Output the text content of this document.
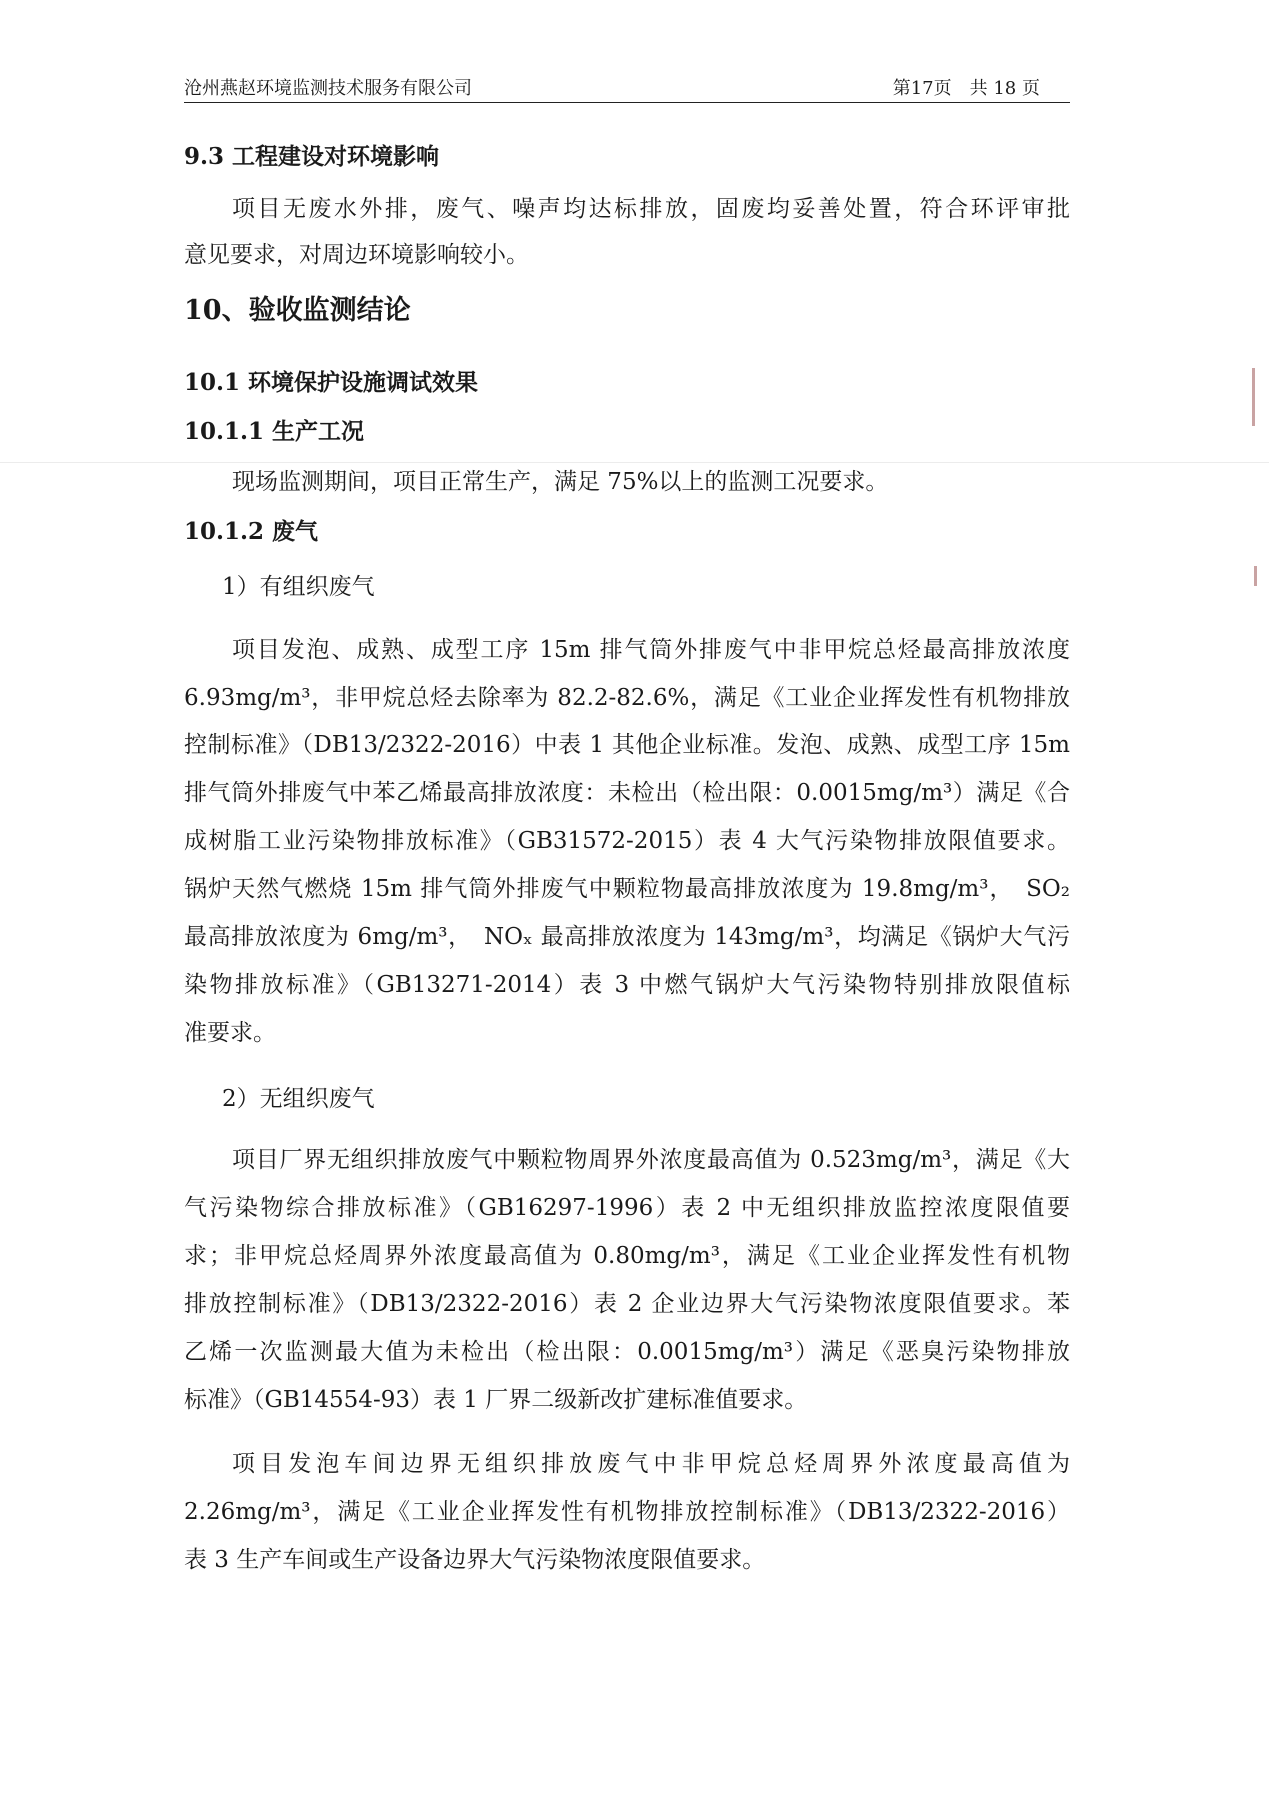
沧州燕赵环境监测技术服务有限公司	第17页　共 18 页
9.3 工程建设对环境影响
项目无废水外排，废气、噪声均达标排放，固废均妥善处置，符合环评审批
意见要求，对周边环境影响较小。
10、验收监测结论
10.1 环境保护设施调试效果
10.1.1 生产工况
现场监测期间，项目正常生产，满足 75%以上的监测工况要求。
10.1.2 废气
1）有组织废气
项目发泡、成熟、成型工序 15m 排气筒外排废气中非甲烷总烃最高排放浓度
6.93mg/m³，非甲烷总烃去除率为 82.2-82.6%，满足《工业企业挥发性有机物排放
控制标准》（DB13/2322-2016）中表 1 其他企业标准。发泡、成熟、成型工序 15m
排气筒外排废气中苯乙烯最高排放浓度：未检出（检出限：0.0015mg/m³）满足《合
成树脂工业污染物排放标准》（GB31572-2015）表 4 大气污染物排放限值要求。
锅炉天然气燃烧 15m 排气筒外排废气中颗粒物最高排放浓度为 19.8mg/m³，　SO₂
最高排放浓度为 6mg/m³，　NOₓ 最高排放浓度为 143mg/m³，均满足《锅炉大气污
染物排放标准》（GB13271-2014）表 3 中燃气锅炉大气污染物特别排放限值标
准要求。
2）无组织废气
项目厂界无组织排放废气中颗粒物周界外浓度最高值为 0.523mg/m³，满足《大
气污染物综合排放标准》（GB16297-1996）表 2 中无组织排放监控浓度限值要
求；非甲烷总烃周界外浓度最高值为 0.80mg/m³，满足《工业企业挥发性有机物
排放控制标准》（DB13/2322-2016）表 2 企业边界大气污染物浓度限值要求。苯
乙烯一次监测最大值为未检出（检出限：0.0015mg/m³）满足《恶臭污染物排放
标准》（GB14554-93）表 1 厂界二级新改扩建标准值要求。
项目发泡车间边界无组织排放废气中非甲烷总烃周界外浓度最高值为
2.26mg/m³，满足《工业企业挥发性有机物排放控制标准》（DB13/2322-2016）
表 3 生产车间或生产设备边界大气污染物浓度限值要求。
